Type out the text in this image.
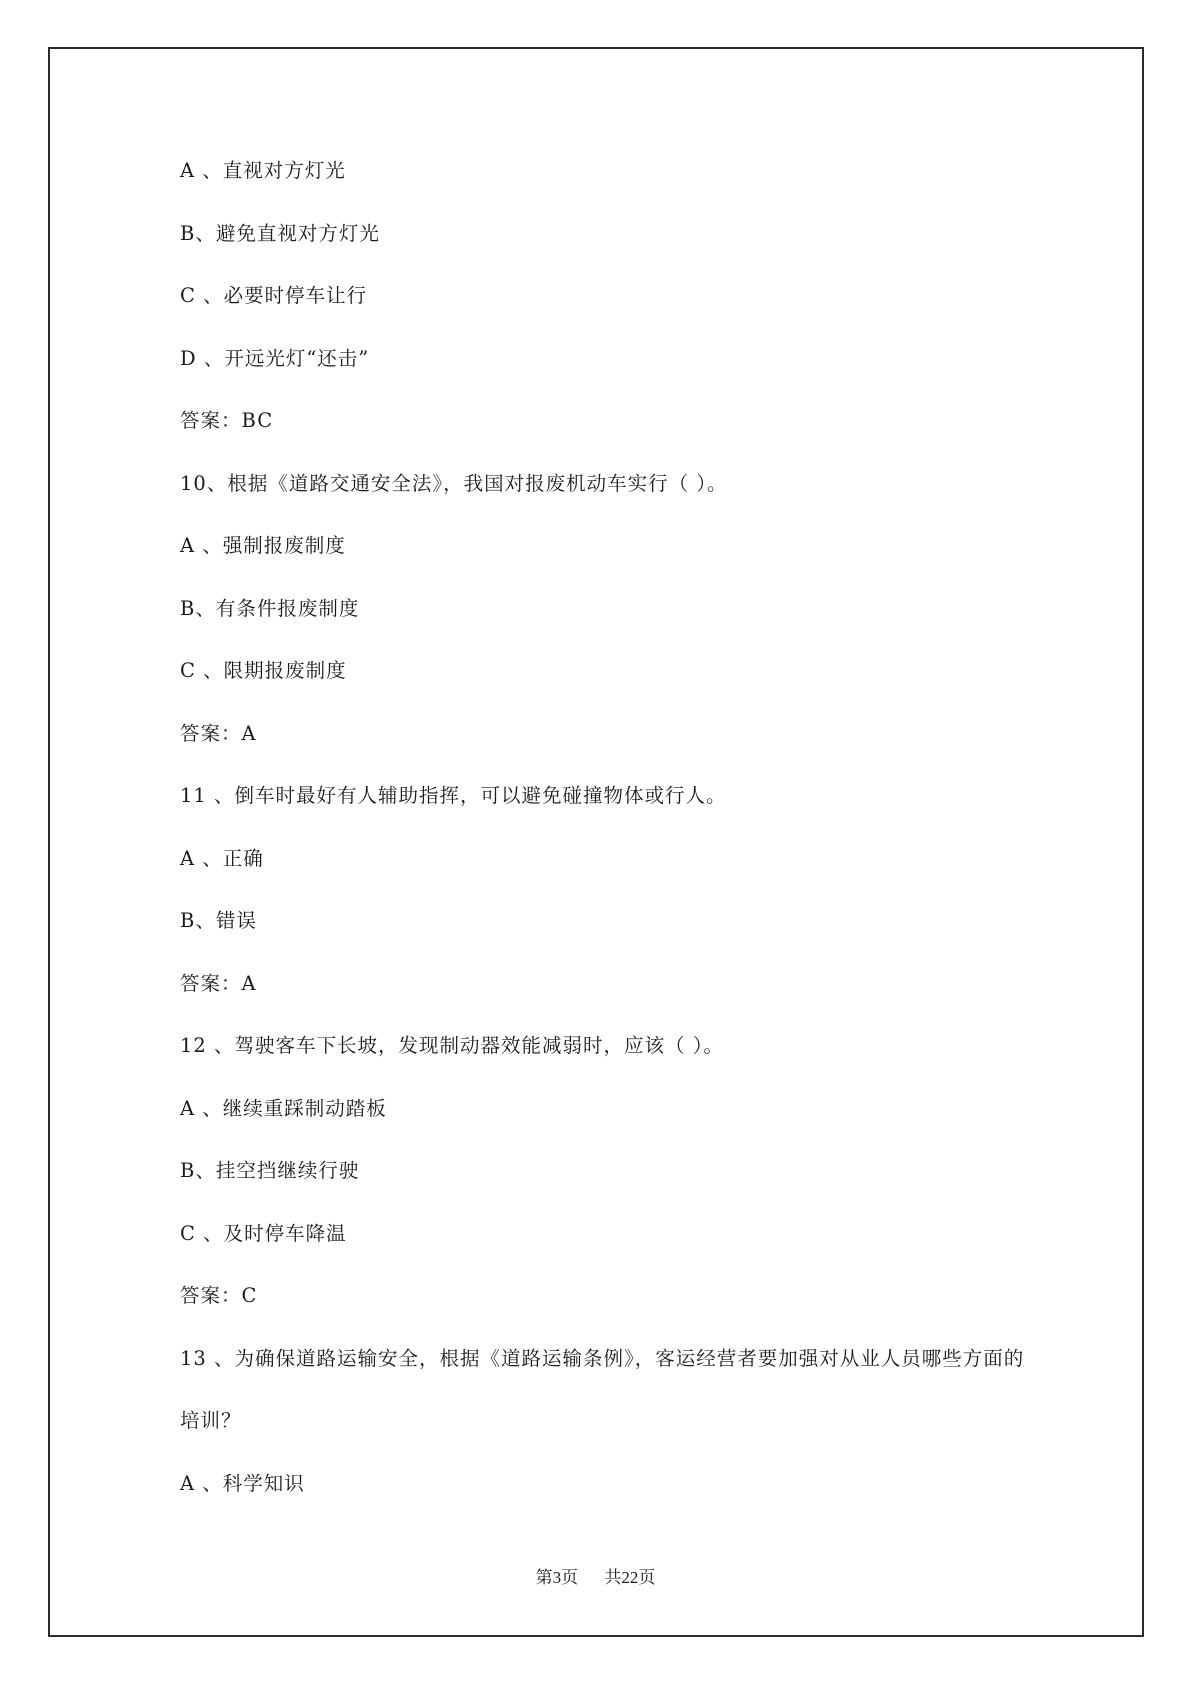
A 、直视对方灯光
B、避免直视对方灯光
C 、必要时停车让行
D 、开远光灯“还击”
答案：BC
10、根据《道路交通安全法》，我国对报废机动车实行（ ）。
A 、强制报废制度
B、有条件报废制度
C 、限期报废制度
答案：A
11 、倒车时最好有人辅助指挥，可以避免碰撞物体或行人。
A 、正确
B、错误
答案：A
12 、驾驶客车下长坡，发现制动器效能减弱时，应该（ ）。
A 、继续重踩制动踏板
B、挂空挡继续行驶
C 、及时停车降温
答案：C
13 、为确保道路运输安全，根据《道路运输条例》，客运经营者要加强对从业人员哪些方面的
培训？
A 、科学知识
第3页 共22页
